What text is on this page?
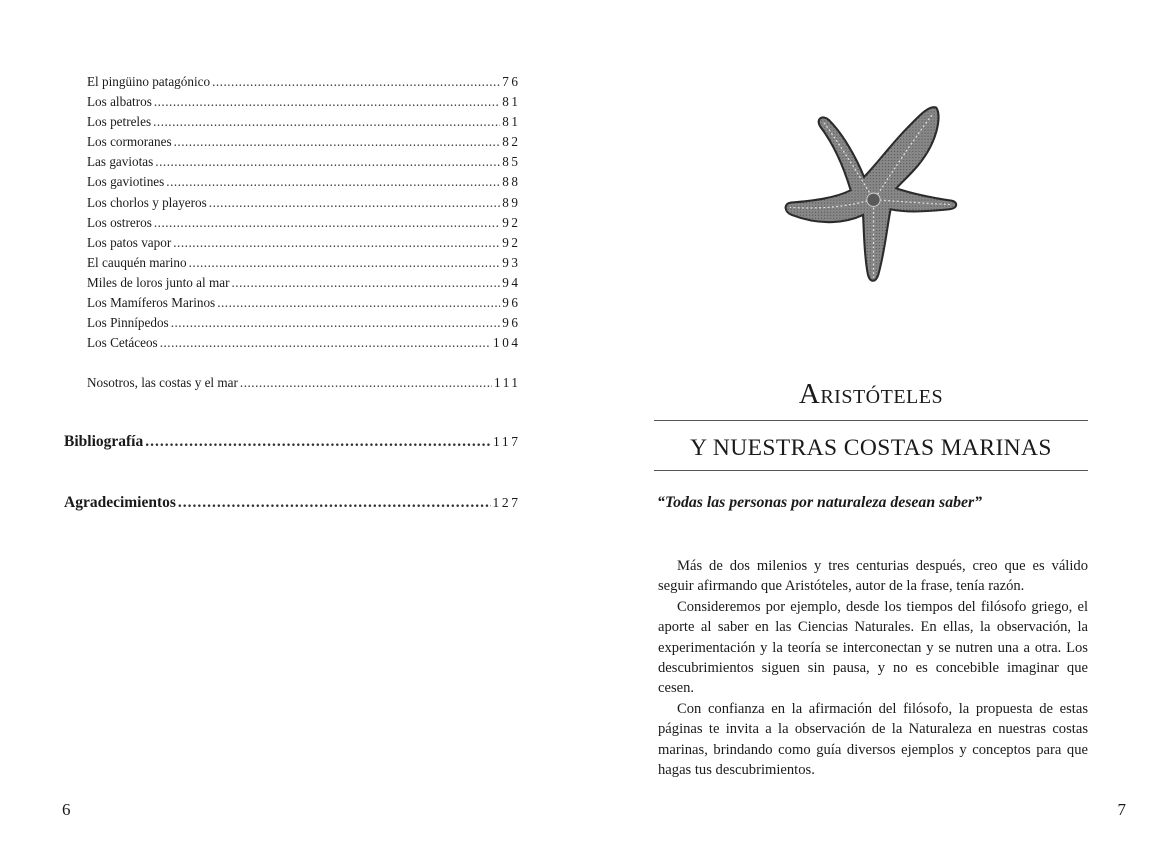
El pingüino patagónico .....	76
Los albatros .....	81
Los petreles .....	81
Los cormoranes .....	82
Las gaviotas .....	85
Los gaviotines .....	88
Los chorlos y playeros .....	89
Los ostreros .....	92
Los patos vapor .....	92
El cauquén marino .....	93
Miles de loros junto al mar .....	94
Los Mamíferos Marinos .....	96
Los Pinnípedos .....	96
Los Cetáceos .....	104
Nosotros, las costas y el mar .....	111
Bibliografía .....	117
Agradecimientos .....	127
6
Aristóteles
Y NUESTRAS COSTAS MARINAS
“Todas las personas por naturaleza desean saber”

Más de dos milenios y tres centurias después, creo que es válido seguir afirmando que Aristóteles, autor de la frase, tenía razón.

Consideremos por ejemplo, desde los tiempos del filósofo griego, el aporte al saber en las Ciencias Naturales. En ellas, la observación, la experimentación y la teoría se interconectan y se nutren una a otra. Los descubrimientos siguen sin pausa, y no es concebible imaginar que cesen.

Con confianza en la afirmación del filósofo, la propuesta de estas páginas te invita a la observación de la Naturaleza en nuestras costas marinas, brindando como guía diversos ejemplos y conceptos para que hagas tus descubrimientos.

7
